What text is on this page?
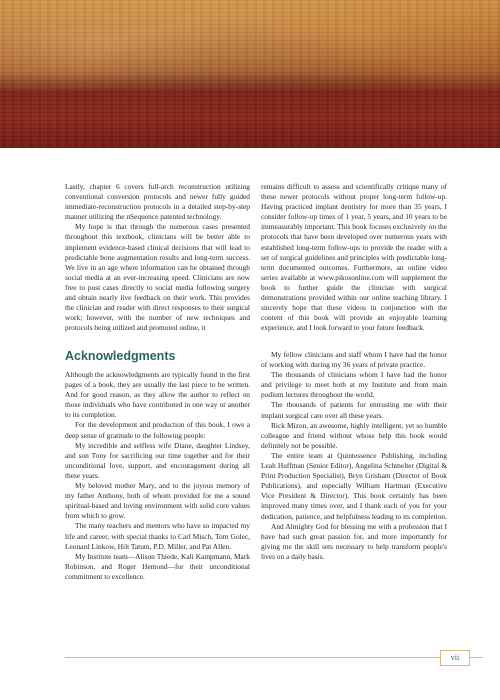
Lastly, chapter 6 covers full-arch reconstruction utilizing conventional conversion protocols and newer fully guided immediate-reconstruction protocols in a detailed step-by-step manner utilizing the nSequence patented technology.

My hope is that through the numerous cases presented throughout this textbook, clinicians will be better able to implement evidence-based clinical decisions that will lead to predictable bone augmentation results and long-term success. We live in an age where information can be obtained through social media at an ever-increasing speed. Clinicians are now free to post cases directly to social media following surgery and obtain nearly live feedback on their work. This provides the clinician and reader with direct responses to their surgical work; however, with the number of new techniques and protocols being utilized and promoted online, it

remains difficult to assess and scientifically critique many of these newer protocols without proper long-term follow-up. Having practiced implant dentistry for more than 35 years, I consider follow-up times of 1 year, 5 years, and 10 years to be immeasurably important. This book focuses exclusively on the protocols that have been developed over numerous years with established long-term follow-ups to provide the reader with a set of surgical guidelines and principles with predictable long-term documented outcomes. Furthermore, an online video series available at www.pikosonline.com will supplement the book to further guide the clinician with surgical demonstrations provided within our online teaching library. I sincerely hope that these videos in conjunction with the content of this book will provide an enjoyable learning experience, and I look forward to your future feedback.

Acknowledgments

Although the acknowledgments are typically found in the first pages of a book, they are usually the last piece to be written. And for good reason, as they allow the author to reflect on those individuals who have contributed in one way or another to its completion.

For the development and production of this book, I owe a deep sense of gratitude to the following people:

My incredible and selfless wife Diane, daughter Lindsey, and son Tony for sacrificing our time together and for their unconditional love, support, and encouragement during all these years.

My beloved mother Mary, and to the joyous memory of my father Anthony, both of whom provided for me a sound spiritual-based and loving environment with solid core values from which to grow.

The many teachers and mentors who have so impacted my life and career, with special thanks to Carl Misch, Tom Golec, Leonard Linkow, Hilt Tatum, P.D. Miller, and Pat Allen.

My Institute team—Alison Thiede, Kali Kampmann, Mark Robinson, and Roger Hemond—for their unconditional commitment to excellence.

My fellow clinicians and staff whom I have had the honor of working with during my 36 years of private practice.

The thousands of clinicians whom I have had the honor and privilege to meet both at my Institute and from main podium lectures throughout the world.

The thousands of patients for entrusting me with their implant surgical care over all these years.

Rick Mizon, an awesome, highly intelligent, yet so humble colleague and friend without whose help this book would definitely not be possible.

The entire team at Quintessence Publishing, including Leah Huffman (Senior Editor), Angelina Schmelter (Digital & Print Production Specialist), Bryn Grisham (Director of Book Publications), and especially William Hartman (Executive Vice President & Director). This book certainly has been improved many times over, and I thank each of you for your dedication, patience, and helpfulness leading to its completion.

And Almighty God for blessing me with a profession that I have had such great passion for, and more importantly for giving me the skill sets necessary to help transform people's lives on a daily basis.

vii
